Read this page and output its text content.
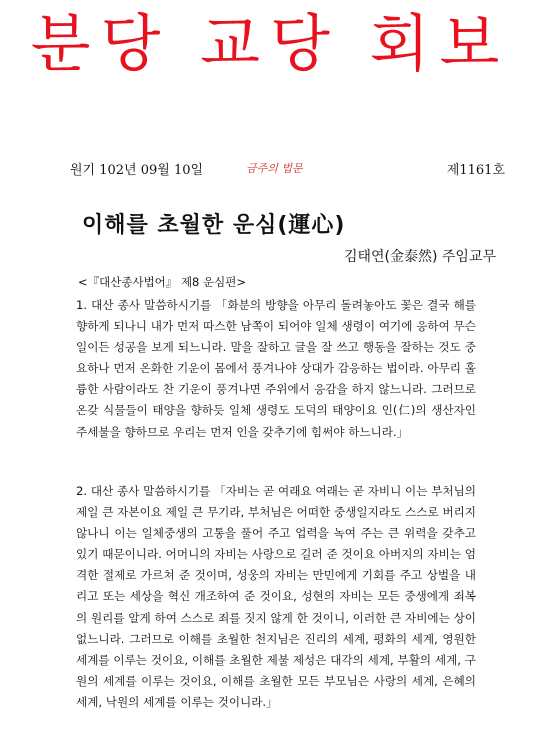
분당 교당 회보
원기 102년 09월 10일	금주의 법문	제1161호
이해를 초월한 운심(運心)
김태연(金泰然) 주임교무
<『대산종사법어』 제8 운심편>

1. 대산 종사 말씀하시기를 「화분의 방향을 아무리 돌려놓아도 꽃은 결국 해를 향하게 되나니 내가 먼저 따스한 남쪽이 되어야 일체 생령이 여기에 응하여 무슨 일이든 성공을 보게 되느니라. 말을 잘하고 글을 잘 쓰고 행동을 잘하는 것도 중요하나 먼저 온화한 기운이 몸에서 풍겨나야 상대가 감응하는 법이라. 아무리 훌륭한 사람이라도 찬 기운이 풍겨나면 주위에서 응감을 하지 않느니라. 그러므로 온갖 식물들이 태양을 향하듯 일체 생령도 도덕의 태양이요 인(仁)의 생산자인 주세불을 향하므로 우리는 먼저 인을 갖추기에 힘써야 하느니라.」

2. 대산 종사 말씀하시기를 「자비는 곧 여래요 여래는 곧 자비니 이는 부처님의 제일 큰 자본이요 제일 큰 무기라, 부처님은 어떠한 중생일지라도 스스로 버리지 않나니 이는 일체중생의 고통을 풀어 주고 업력을 녹여 주는 큰 위력을 갖추고 있기 때문이니라. 어머니의 자비는 사랑으로 길러 준 것이요 아버지의 자비는 엄격한 절제로 가르쳐 준 것이며, 성웅의 자비는 만민에게 기회를 주고 상벌을 내리고 또는 세상을 혁신 개조하여 준 것이요, 성현의 자비는 모든 중생에게 죄복의 원리를 알게 하여 스스로 죄를 짓지 않게 한 것이니, 이러한 큰 자비에는 상이 없느니라. 그러므로 이해를 초월한 천지님은 진리의 세계, 평화의 세계, 영원한 세계를 이루는 것이요, 이해를 초월한 제불 제성은 대각의 세계, 부활의 세계, 구원의 세계를 이루는 것이요, 이해를 초월한 모든 부모님은 사랑의 세계, 은혜의 세계, 낙원의 세계를 이루는 것이니라.」
